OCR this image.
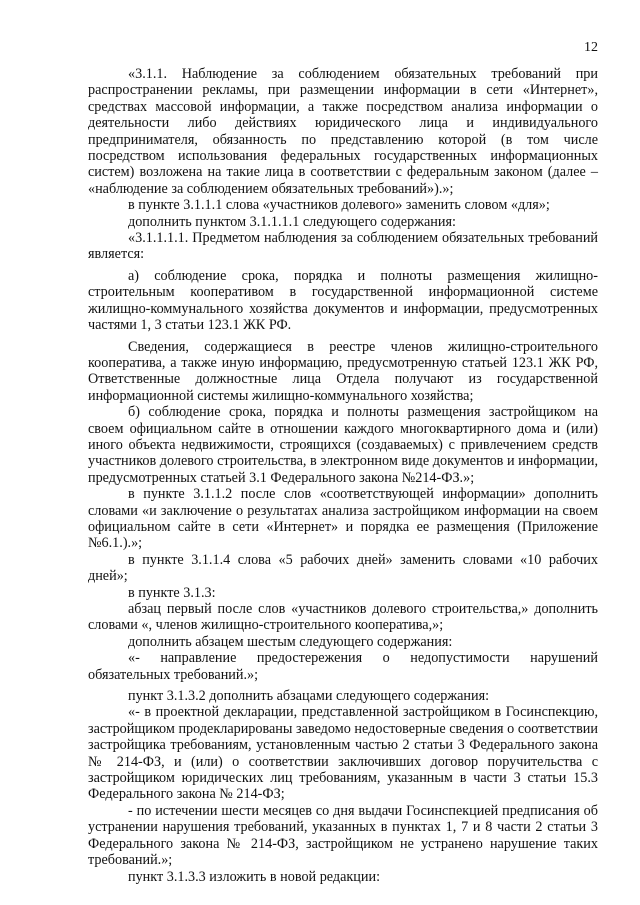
12

«3.1.1. Наблюдение за соблюдением обязательных требований при распространении рекламы, при размещении информации в сети «Интернет», средствах массовой информации, а также посредством анализа информации о деятельности либо действиях юридического лица и индивидуального предпринимателя, обязанность по представлению которой (в том числе посредством использования федеральных государственных информационных систем) возложена на такие лица в соответствии с федеральным законом (далее – «наблюдение за соблюдением обязательных требований»).»;

в пункте 3.1.1.1 слова «участников долевого» заменить словом «для»;

дополнить пунктом 3.1.1.1.1 следующего содержания:

«3.1.1.1.1. Предметом наблюдения за соблюдением обязательных требований является:

а) соблюдение срока, порядка и полноты размещения жилищно-строительным кооперативом в государственной информационной системе жилищно-коммунального хозяйства документов и информации, предусмотренных частями 1, 3 статьи 123.1 ЖК РФ.

Сведения, содержащиеся в реестре членов жилищно-строительного кооператива, а также иную информацию, предусмотренную статьей 123.1 ЖК РФ, Ответственные должностные лица Отдела получают из государственной информационной системы жилищно-коммунального хозяйства;

б) соблюдение срока, порядка и полноты размещения застройщиком на своем официальном сайте в отношении каждого многоквартирного дома и (или) иного объекта недвижимости, строящихся (создаваемых) с привлечением средств участников долевого строительства, в электронном виде документов и информации, предусмотренных статьей 3.1 Федерального закона №214-ФЗ.»;

в пункте 3.1.1.2 после слов «соответствующей информации» дополнить словами «и заключение о результатах анализа застройщиком информации на своем официальном сайте в сети «Интернет» и порядка ее размещения (Приложение №6.1.).»;

в пункте 3.1.1.4 слова «5 рабочих дней» заменить словами «10 рабочих дней»;

в пункте 3.1.3:

абзац первый после слов «участников долевого строительства,» дополнить словами «, членов жилищно-строительного кооператива,»;

дополнить абзацем шестым следующего содержания:

«- направление предостережения о недопустимости нарушений обязательных требований.»;

пункт 3.1.3.2 дополнить абзацами следующего содержания:

«- в проектной декларации, представленной застройщиком в Госинспекцию, застройщиком продекларированы заведомо недостоверные сведения о соответствии застройщика требованиям, установленным частью 2 статьи 3 Федерального закона № 214-ФЗ, и (или) о соответствии заключивших договор поручительства с застройщиком юридических лиц требованиям, указанным в части 3 статьи 15.3 Федерального закона № 214-ФЗ;

- по истечении шести месяцев со дня выдачи Госинспекцией предписания об устранении нарушения требований, указанных в пунктах 1, 7 и 8 части 2 статьи 3 Федерального закона № 214-ФЗ, застройщиком не устранено нарушение таких требований.»;

пункт 3.1.3.3 изложить в новой редакции:
